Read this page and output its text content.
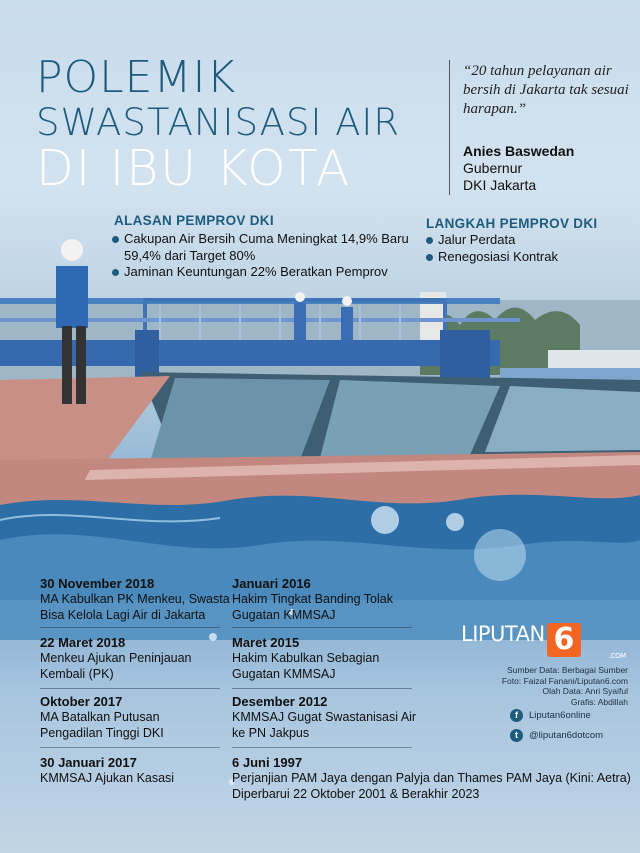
POLEMIK
SWASTANISASI AIR
DI IBU KOTA
“20 tahun pelayanan air bersih di Jakarta tak sesuai harapan.”
Anies Baswedan
Gubernur
DKI Jakarta
ALASAN PEMPROV DKI
Cakupan Air Bersih Cuma Meningkat 14,9% Baru 59,4% dari Target 80%
Jaminan Keuntungan 22% Beratkan Pemprov
LANGKAH PEMPROV DKI
Jalur Perdata
Renegosiasi Kontrak
30 November 2018
MA Kabulkan PK Menkeu, Swasta
Bisa Kelola Lagi Air di Jakarta
22 Maret 2018
Menkeu Ajukan Peninjauan
Kembali (PK)
Oktober 2017
MA Batalkan Putusan
Pengadilan Tinggi DKI
30 Januari 2017
KMMSAJ Ajukan Kasasi
Januari 2016
Hakim Tingkat Banding Tolak
Gugatan KMMSAJ
Maret 2015
Hakim Kabulkan Sebagian
Gugatan KMMSAJ
Desember 2012
KMMSAJ Gugat Swastanisasi Air
ke PN Jakpus
6 Juni 1997
Perjanjian PAM Jaya dengan Palyja dan Thames PAM Jaya (Kini: Aetra)
Diperbarui 22 Oktober 2001 & Berakhir 2023
LIPUTAN 6	.COM
Sumber Data: Berbagai Sumber
Foto: Faizal Fanani/Liputan6.com
Olah Data: Anri Syaiful
Grafis: Abdillah
f	Liputan6online
t	@liputan6dotcom
